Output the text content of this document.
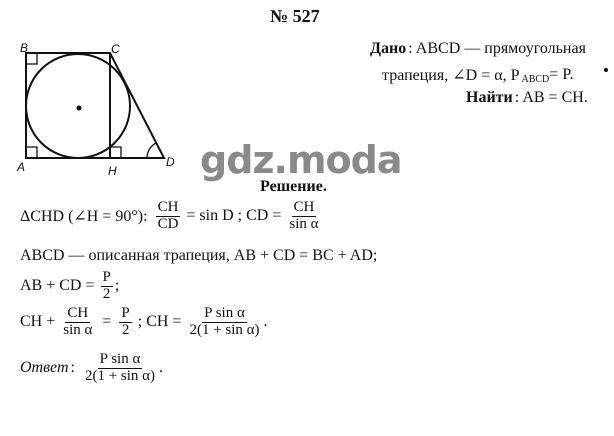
№ 527
B	C
A	H
D
Дано : ABCD — прямоугольная
трапеция, ∠D = α, P ABCD = P.
Найти : AB = CH.
gdz.moda
Решение.
ΔCHD (∠H = 90°): $\frac{CH}{CD} = \sin D$ ; CD = $\frac{CH}{\text{sin α}}$
ABCD — описанная трапеция, AB + CD = BC + AD;
AB + CD = $\frac{P}{2}$ ;
CH + $\frac{CH}{\text{sin α}} = \frac{P}{2}$ ; CH = $\frac{\text{P sin α}}{\text{2(1 + sin α)}}$ .
Ответ : $\frac{\text{P sin α}}{\text{2(1 + sin α)}}$ .
